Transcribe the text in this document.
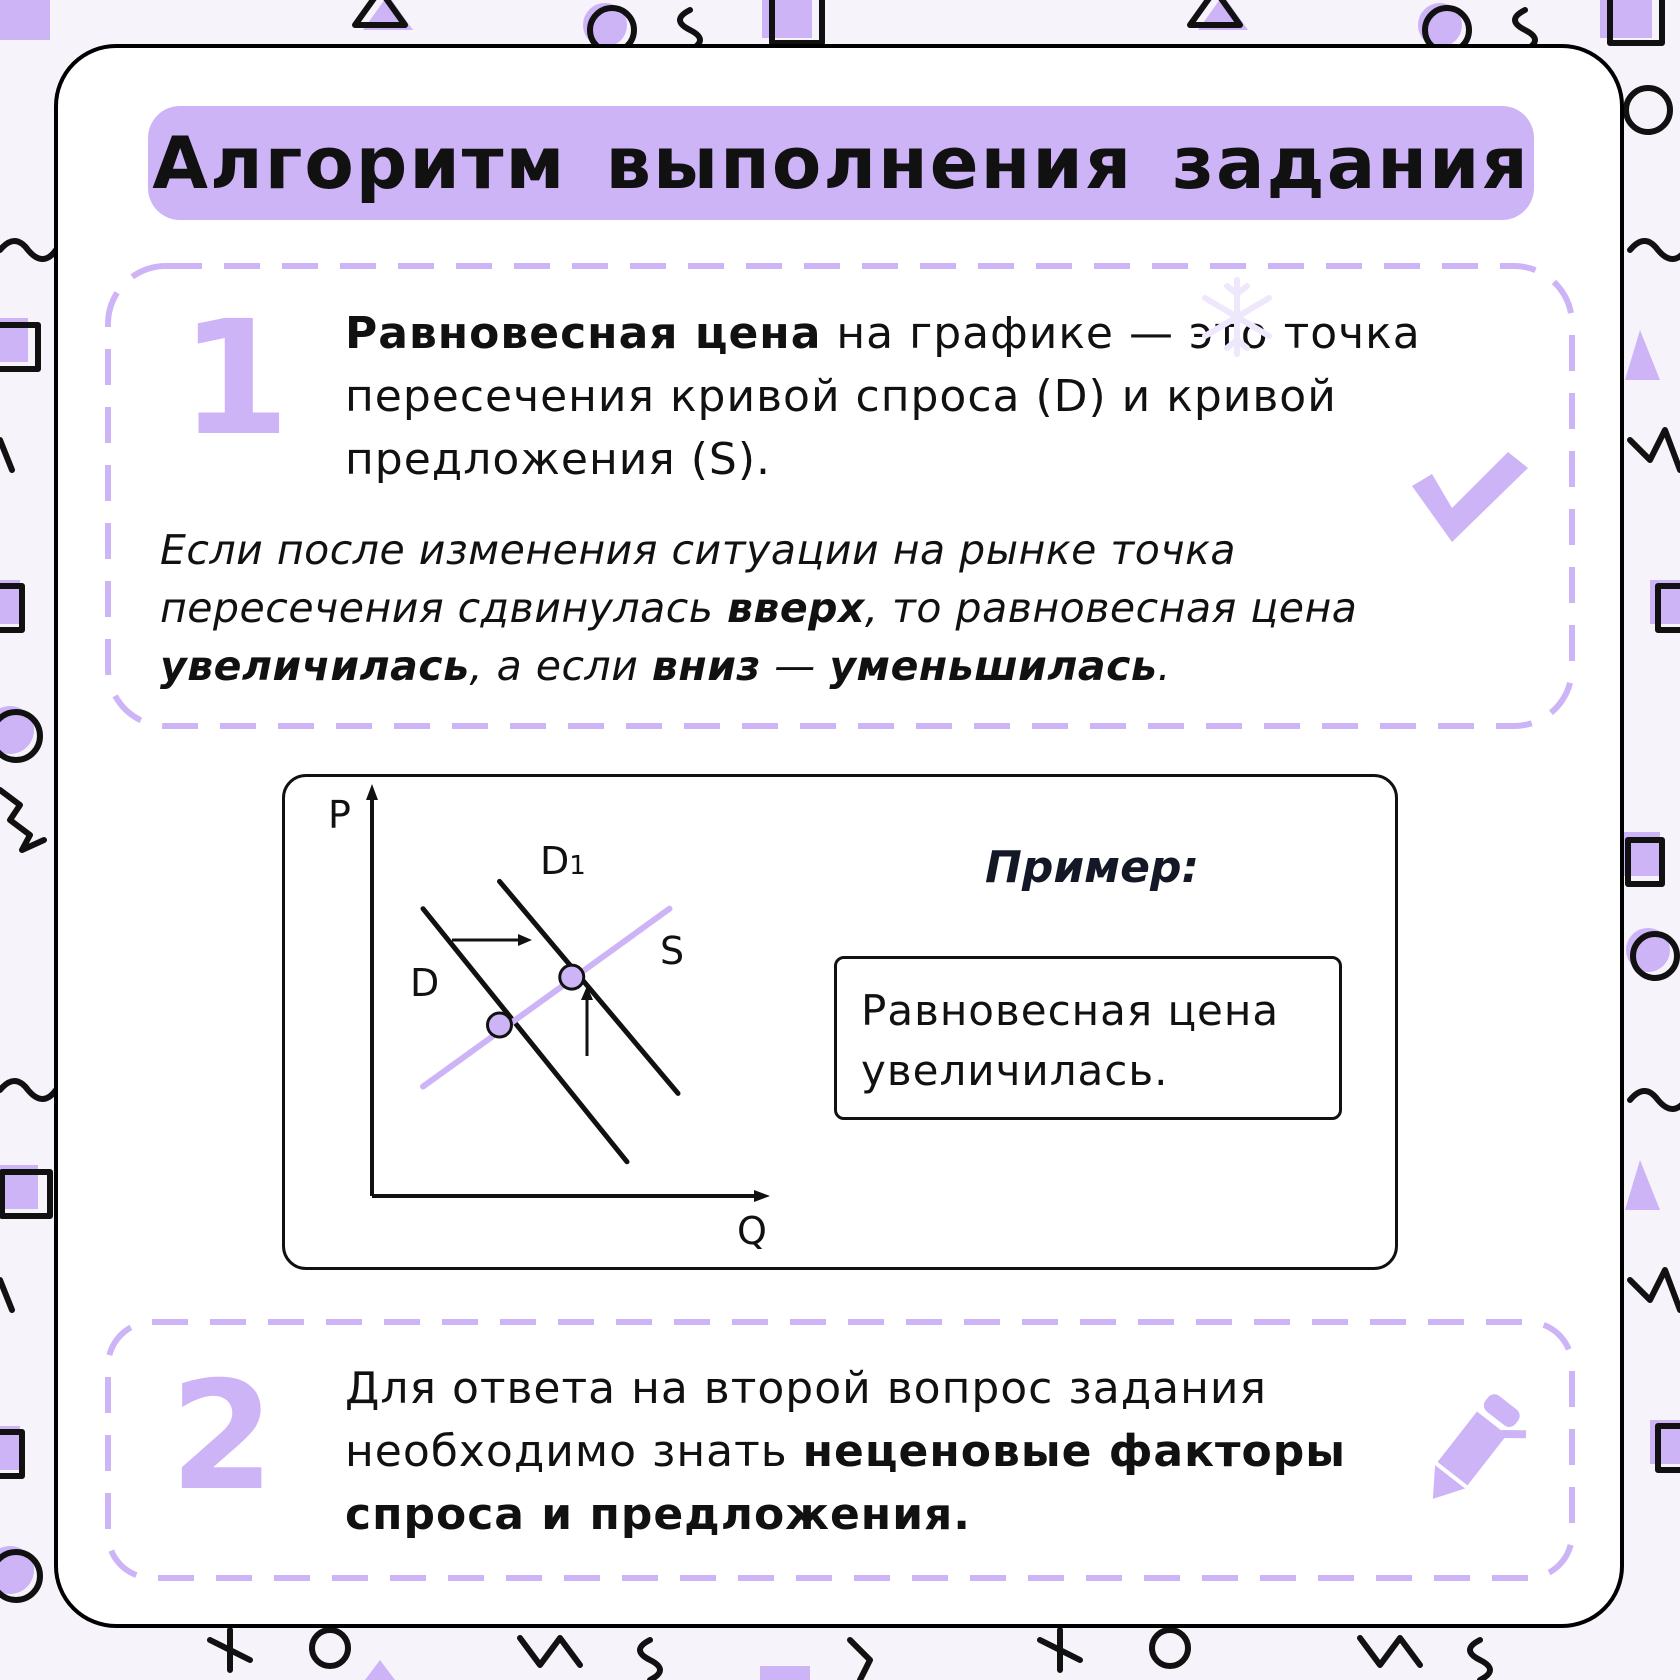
Алгоритм выполнения задания
1 Равновесная цена на графике — это точка пересечения кривой спроса (D) и кривой предложения (S).
Если после изменения ситуации на рынке точка пересечения сдвинулась вверх, то равновесная цена увеличилась, а если вниз — уменьшилась.
P
Q
D
D1
S
Пример:
Равновесная цена увеличилась.
2 Для ответа на второй вопрос задания необходимо знать неценовые факторы спроса и предложения.
